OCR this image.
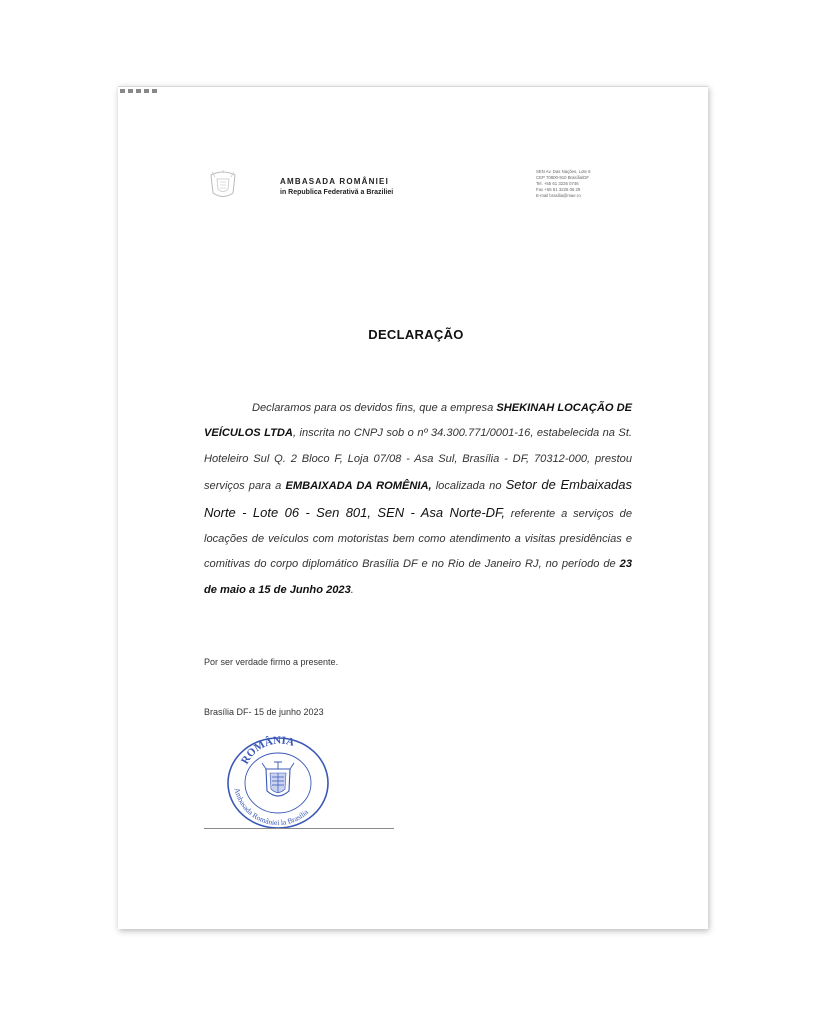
AMBASADA ROMÂNIEI
in Republica Federativă a Braziliei
SEN Av. Das Nações, Lote 6
CEP 70800-910 Brasília/DF
Tel. +55 61 3226 0746
Fax +55 61 3226 06 29
E-mail brasilia@mae.ro
DECLARAÇÃO
Declaramos para os devidos fins, que a empresa SHEKINAH LOCAÇÃO DE VEÍCULOS LTDA, inscrita no CNPJ sob o nº 34.300.771/0001-16, estabelecida na St. Hoteleiro Sul Q. 2 Bloco F, Loja 07/08 - Asa Sul, Brasília - DF, 70312-000, prestou serviços para a EMBAIXADA DA ROMÊNIA, localizada no Setor de Embaixadas Norte - Lote 06 - Sen 801, SEN - Asa Norte-DF, referente a serviços de locações de veículos com motoristas bem como atendimento a visitas presidências e comitivas do corpo diplomático Brasília DF e no Rio de Janeiro RJ, no período de 23 de maio a 15 de Junho 2023.
Por ser verdade firmo a presente.
Brasília DF- 15 de junho 2023
ROMÂNIA
Ambasada României la Brasilia
